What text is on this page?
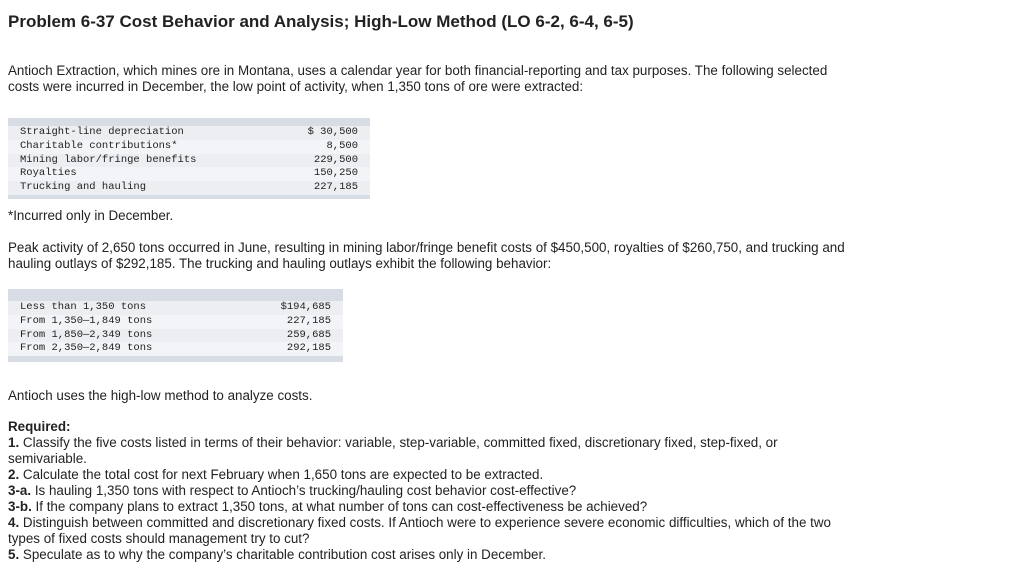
Problem 6-37 Cost Behavior and Analysis; High-Low Method (LO 6-2, 6-4, 6-5)

Antioch Extraction, which mines ore in Montana, uses a calendar year for both financial-reporting and tax purposes. The following selected costs were incurred in December, the low point of activity, when 1,350 tons of ore were extracted:

Straight-line depreciation	$ 30,500
Charitable contributions*	8,500
Mining labor/fringe benefits	229,500
Royalties	150,250
Trucking and hauling	227,185
*Incurred only in December.

Peak activity of 2,650 tons occurred in June, resulting in mining labor/fringe benefit costs of $450,500, royalties of $260,750, and trucking and hauling outlays of $292,185. The trucking and hauling outlays exhibit the following behavior:

Less than 1,350 tons	$194,685
From 1,350—1,849 tons	227,185
From 1,850—2,349 tons	259,685
From 2,350—2,849 tons	292,185

Antioch uses the high-low method to analyze costs.

Required:

1. Classify the five costs listed in terms of their behavior: variable, step-variable, committed fixed, discretionary fixed, step-fixed, or semivariable.

2. Calculate the total cost for next February when 1,650 tons are expected to be extracted.

3-a. Is hauling 1,350 tons with respect to Antioch’s trucking/hauling cost behavior cost-effective?

3-b. If the company plans to extract 1,350 tons, at what number of tons can cost-effectiveness be achieved?

4. Distinguish between committed and discretionary fixed costs. If Antioch were to experience severe economic difficulties, which of the two types of fixed costs should management try to cut?

5. Speculate as to why the company’s charitable contribution cost arises only in December.
